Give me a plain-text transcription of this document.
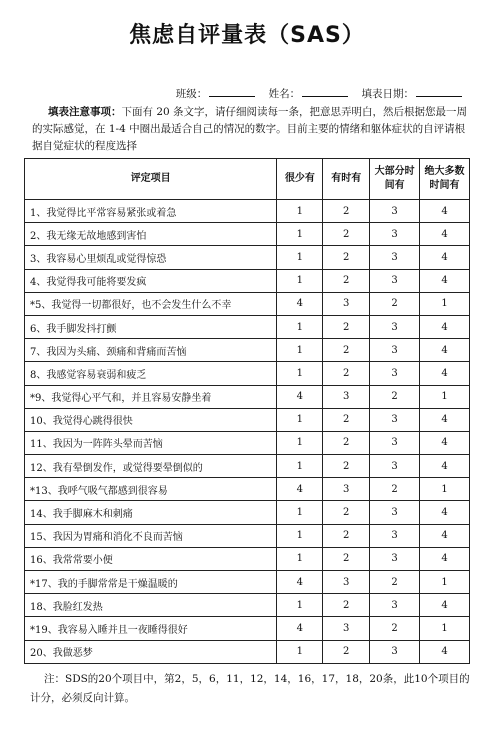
焦虑自评量表（SAS）
班级：	姓名：	填表日期：
填表注意事项：下面有 20 条文字，请仔细阅读每一条，把意思弄明白，然后根据您最一周的实际感觉，在 1-4 中圈出最适合自己的情况的数字。目前主要的情绪和躯体症状的自评请根据自觉症状的程度选择
评定项目	很少有	有时有	大部分时间有	绝大多数时间有
1、我觉得比平常容易紧张或着急	1	2	3	4
2、我无缘无故地感到害怕	1	2	3	4
3、我容易心里烦乱或觉得惊恐	1	2	3	4
4、我觉得我可能将要发疯	1	2	3	4
*5、我觉得一切都很好，也不会发生什么不幸	4	3	2	1
6、我手脚发抖打颤	1	2	3	4
7、我因为头痛、颈痛和背痛而苦恼	1	2	3	4
8、我感觉容易衰弱和疲乏	1	2	3	4
*9、我觉得心平气和，并且容易安静坐着	4	3	2	1
10、我觉得心跳得很快	1	2	3	4
11、我因为一阵阵头晕而苦恼	1	2	3	4
12、我有晕倒发作，或觉得要晕倒似的	1	2	3	4
*13、我呼气吸气都感到很容易	4	3	2	1
14、我手脚麻木和刺痛	1	2	3	4
15、我因为胃痛和消化不良而苦恼	1	2	3	4
16、我常常要小便	1	2	3	4
*17、我的手脚常常是干燥温暖的	4	3	2	1
18、我脸红发热	1	2	3	4
*19、我容易入睡并且一夜睡得很好	4	3	2	1
20、我做恶梦	1	2	3	4
注：SDS的20个项目中，第2，5，6，11，12，14，16，17，18，20条，此10个项目的计分，必须反向计算。
